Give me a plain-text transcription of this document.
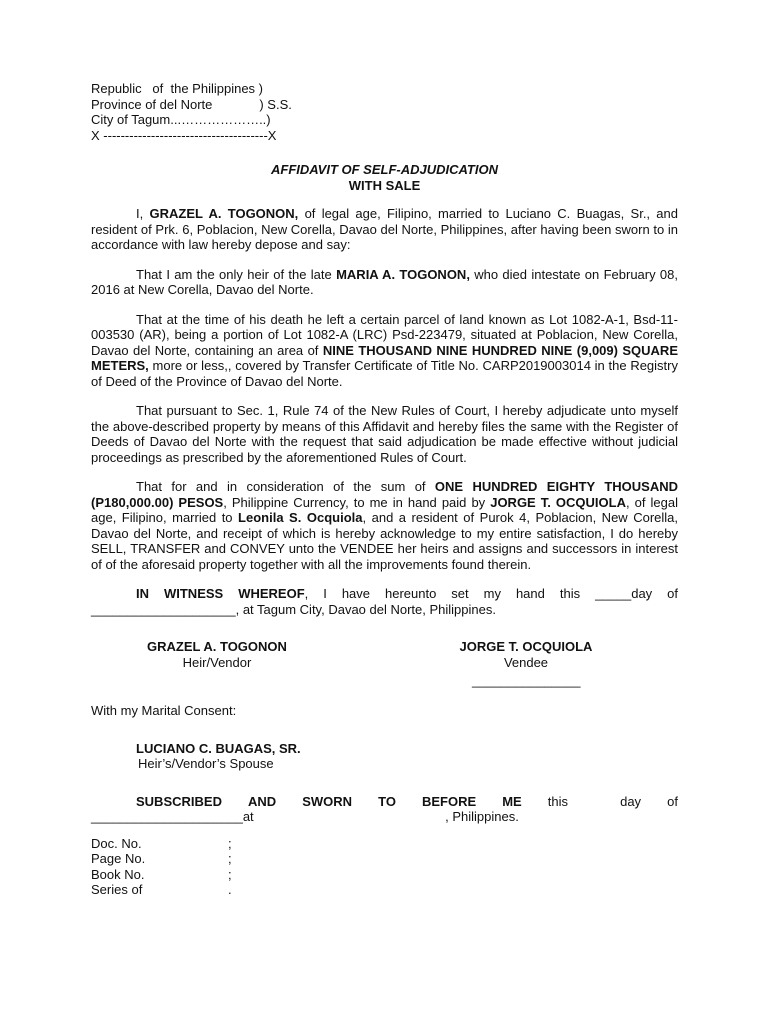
Republic   of  the Philippines )
Province of del Norte             ) S.S.
City of Tagum...………………..)
X --------------------------------------X
AFFIDAVIT OF SELF-ADJUDICATION
WITH SALE
I, GRAZEL A. TOGONON, of legal age, Filipino, married to Luciano C. Buagas, Sr., and resident of Prk. 6, Poblacion, New Corella, Davao del Norte, Philippines, after having been sworn to in accordance with law hereby depose and say:
That I am the only heir of the late MARIA A. TOGONON, who died intestate on February 08, 2016 at New Corella, Davao del Norte.
That at the time of his death he left a certain parcel of land known as Lot 1082-A-1, Bsd-11-003530 (AR), being a portion of Lot 1082-A (LRC) Psd-223479, situated at Poblacion, New Corella, Davao del Norte, containing an area of NINE THOUSAND NINE HUNDRED NINE (9,009) SQUARE METERS, more or less,, covered by Transfer Certificate of Title No. CARP2019003014 in the Registry of Deed of the Province of Davao del Norte.
That pursuant to Sec. 1, Rule 74 of the New Rules of Court, I hereby adjudicate unto myself the above-described property by means of this Affidavit and hereby files the same with the Register of Deeds of Davao del Norte with the request that said adjudication be made effective without judicial proceedings as prescribed by the aforementioned Rules of Court.
That for and in consideration of the sum of ONE HUNDRED EIGHTY THOUSAND (P180,000.00) PESOS, Philippine Currency, to me in hand paid by JORGE T. OCQUIOLA, of legal age, Filipino, married to Leonila S. Ocquiola, and a resident of Purok 4, Poblacion, New Corella, Davao del Norte, and receipt of which is hereby acknowledge to my entire satisfaction, I do hereby SELL, TRANSFER and CONVEY unto the VENDEE her heirs and assigns and successors in interest of of the aforesaid property together with all the improvements found therein.
IN WITNESS WHEREOF, I have hereunto set my hand this _____day of ____________________, at Tagum City, Davao del Norte, Philippines.
GRAZEL A. TOGONON
Heir/Vendor
JORGE T. OCQUIOLA
Vendee
_______________
With my Marital Consent:
LUCIANO C. BUAGAS, SR.
Heir’s/Vendor’s Spouse
SUBSCRIBED AND SWORN TO BEFORE ME this	day of
_____________________at                                                     , Philippines.
Doc. No.	;
Page No.	;
Book No.	;
Series of	.
